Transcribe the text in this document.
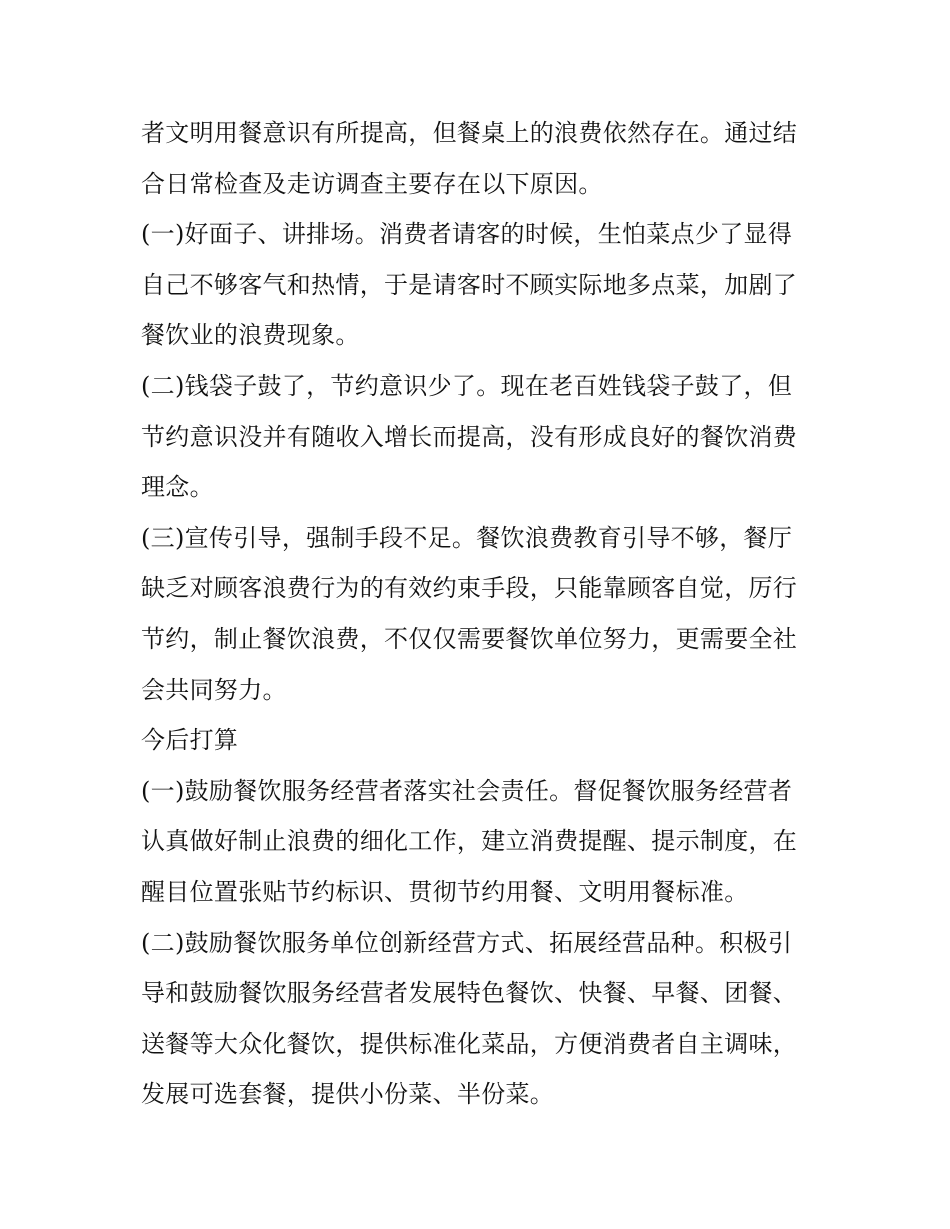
者文明用餐意识有所提高，但餐桌上的浪费依然存在。通过结
合日常检查及走访调查主要存在以下原因。
(一)好面子、讲排场。消费者请客的时候，生怕菜点少了显得
自己不够客气和热情，于是请客时不顾实际地多点菜，加剧了
餐饮业的浪费现象。
(二)钱袋子鼓了，节约意识少了。现在老百姓钱袋子鼓了，但
节约意识没并有随收入增长而提高，没有形成良好的餐饮消费
理念。
(三)宣传引导，强制手段不足。餐饮浪费教育引导不够，餐厅
缺乏对顾客浪费行为的有效约束手段，只能靠顾客自觉，厉行
节约，制止餐饮浪费，不仅仅需要餐饮单位努力，更需要全社
会共同努力。
今后打算
(一)鼓励餐饮服务经营者落实社会责任。督促餐饮服务经营者
认真做好制止浪费的细化工作，建立消费提醒、提示制度，在
醒目位置张贴节约标识、贯彻节约用餐、文明用餐标准。
(二)鼓励餐饮服务单位创新经营方式、拓展经营品种。积极引
导和鼓励餐饮服务经营者发展特色餐饮、快餐、早餐、团餐、
送餐等大众化餐饮，提供标准化菜品，方便消费者自主调味，
发展可选套餐，提供小份菜、半份菜。
